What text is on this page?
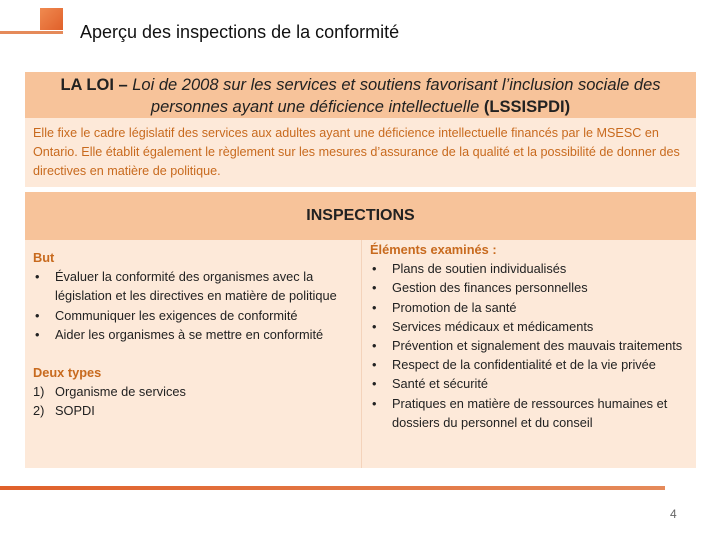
Aperçu des inspections de la conformité
LA LOI – Loi de 2008 sur les services et soutiens favorisant l’inclusion sociale des personnes ayant une déficience intellectuelle (LSSISPDI)
Elle fixe le cadre législatif des services aux adultes ayant une déficience intellectuelle financés par le MSESC en Ontario. Elle établit également le règlement sur les mesures d’assurance de la qualité et la possibilité de donner des directives en matière de politique.
INSPECTIONS
But
• Évaluer la conformité des organismes avec la législation et les directives en matière de politique
• Communiquer les exigences de conformité
• Aider les organismes à se mettre en conformité
Deux types
1) Organisme de services
2) SOPDI
Éléments examinés :
• Plans de soutien individualisés
• Gestion des finances personnelles
• Promotion de la santé
• Services médicaux et médicaments
• Prévention et signalement des mauvais traitements
• Respect de la confidentialité et de la vie privée
• Santé et sécurité
• Pratiques en matière de ressources humaines et dossiers du personnel et du conseil
4
